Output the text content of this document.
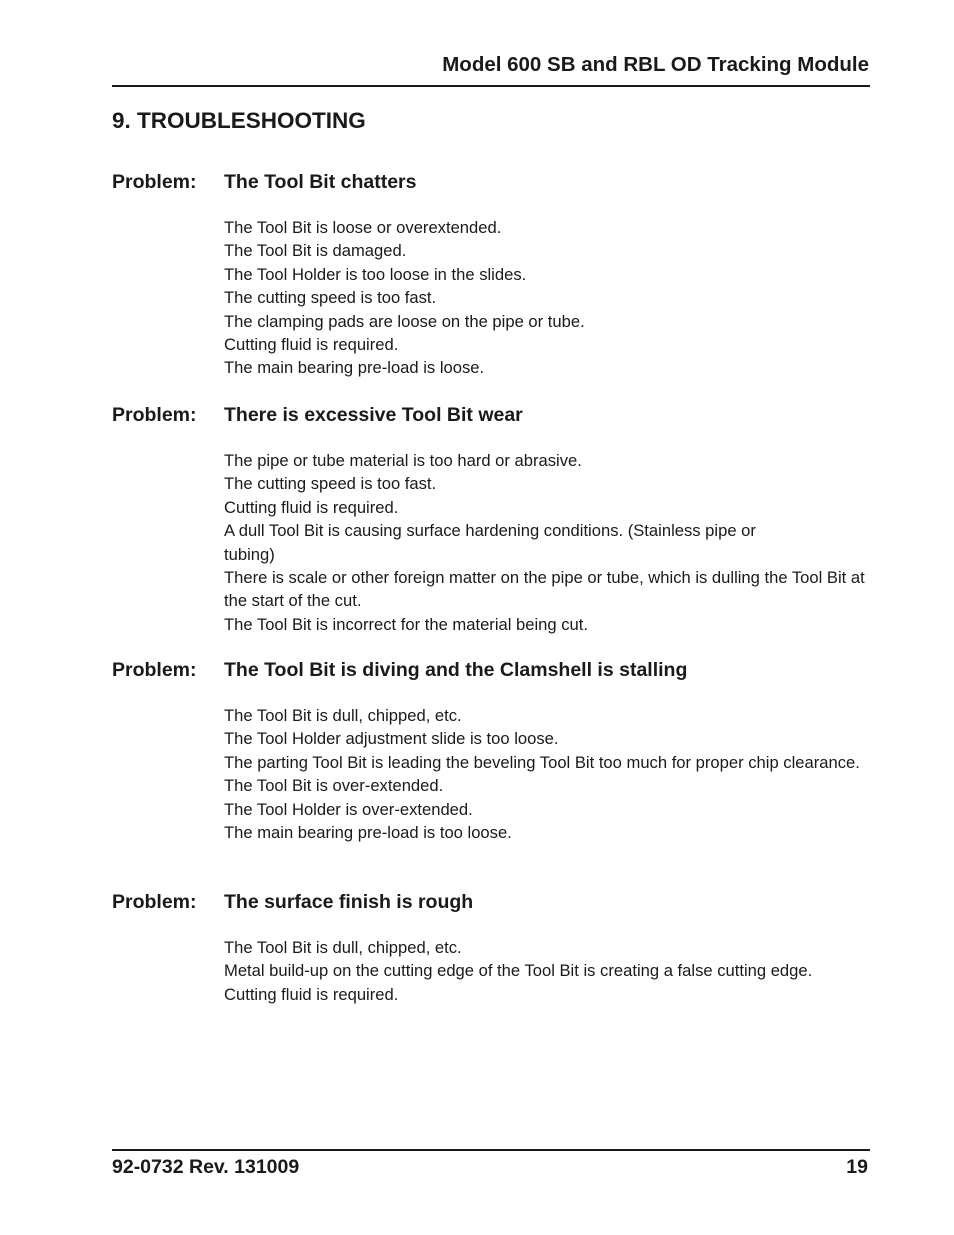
Model 600 SB and RBL OD Tracking Module
9. TROUBLESHOOTING
Problem: The Tool Bit chatters
The Tool Bit is loose or overextended.
The Tool Bit is damaged.
The Tool Holder is too loose in the slides.
The cutting speed is too fast.
The clamping pads are loose on the pipe or tube.
Cutting fluid is required.
The main bearing pre-load is loose.
Problem: There is excessive Tool Bit wear
The pipe or tube material is too hard or abrasive.
The cutting speed is too fast.
Cutting fluid is required.
A dull Tool Bit is causing surface hardening conditions. (Stainless pipe or tubing)
There is scale or other foreign matter on the pipe or tube, which is dulling the Tool Bit at the start of the cut.
The Tool Bit is incorrect for the material being cut.
Problem: The Tool Bit is diving and the Clamshell is stalling
The Tool Bit is dull, chipped, etc.
The Tool Holder adjustment slide is too loose.
The parting Tool Bit is leading the beveling Tool Bit too much for proper chip clearance.
The Tool Bit is over-extended.
The Tool Holder is over-extended.
The main bearing pre-load is too loose.
Problem: The surface finish is rough
The Tool Bit is dull, chipped, etc.
Metal build-up on the cutting edge of the Tool Bit is creating a false cutting edge.
Cutting fluid is required.
92-0732 Rev. 131009	19
